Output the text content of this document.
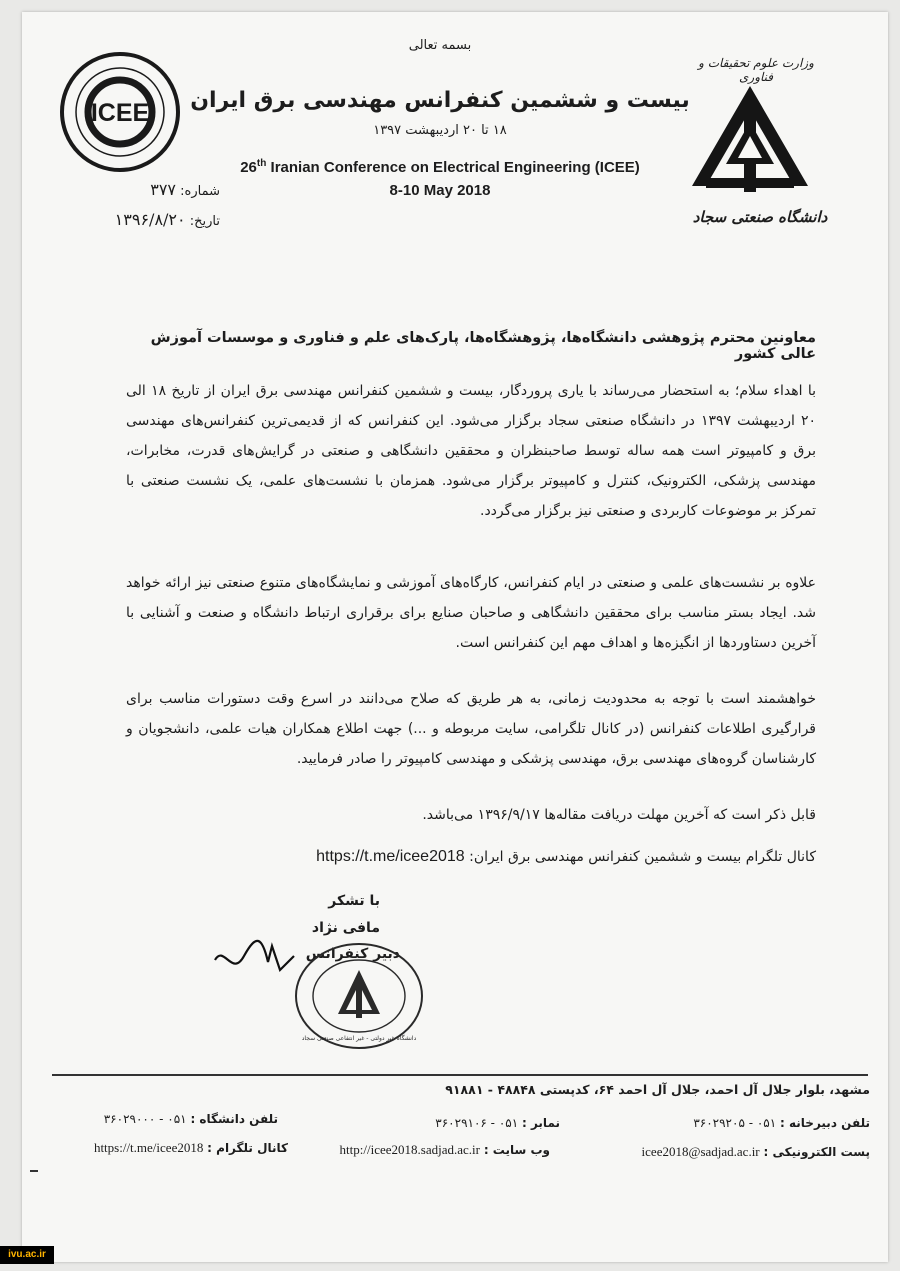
بسمه تعالی
بیست و ششمین کنفرانس مهندسی برق ایران
۱۸ تا ۲۰ اردیبهشت ۱۳۹۷
26th Iranian Conference on Electrical Engineering (ICEE)
8-10 May 2018
وزارت علوم تحقیقات و فناوری
دانشگاه صنعتی سجاد
ICEE
شماره: ۳۷۷
تاریخ: ۱۳۹۶/۸/۲۰
معاونین محترم پژوهشی دانشگاه‌ها، پژوهشگاه‌ها، پارک‌های علم و فناوری و موسسات آموزش عالی کشور
با اهداء سلام؛ به استحضار می‌رساند با یاری پروردگار، بیست و ششمین کنفرانس مهندسی برق ایران از تاریخ ۱۸ الی ۲۰ اردیبهشت ۱۳۹۷ در دانشگاه صنعتی سجاد برگزار می‌شود. این کنفرانس که از قدیمی‌ترین کنفرانس‌های مهندسی برق و کامپیوتر است همه ساله توسط صاحبنظران و محققین دانشگاهی و صنعتی در گرایش‌های قدرت، مخابرات، مهندسی پزشکی، الکترونیک، کنترل و کامپیوتر برگزار می‌شود. همزمان با نشست‌های علمی، یک نشست صنعتی با تمرکز بر موضوعات کاربردی و صنعتی نیز برگزار می‌گردد.
علاوه بر نشست‌های علمی و صنعتی در ایام کنفرانس، کارگاه‌های آموزشی و نمایشگاه‌های متنوع صنعتی نیز ارائه خواهد شد. ایجاد بستر مناسب برای محققین دانشگاهی و صاحبان صنایع برای برقراری ارتباط دانشگاه و صنعت و آشنایی با آخرین دستاوردها از انگیزه‌ها و اهداف مهم این کنفرانس است.
خواهشمند است با توجه به محدودیت زمانی، به هر طریق که صلاح می‌دانند در اسرع وقت دستورات مناسب برای قرارگیری اطلاعات کنفرانس (در کانال تلگرامی، سایت مربوطه و ...) جهت اطلاع همکاران هیات علمی، دانشجویان و کارشناسان گروه‌های مهندسی برق، مهندسی پزشکی و مهندسی کامپیوتر را صادر فرمایید.
قابل ذکر است که آخرین مهلت دریافت مقاله‌ها ۱۳۹۶/۹/۱۷ می‌باشد.
کانال تلگرام بیست و ششمین کنفرانس مهندسی برق ایران: https://t.me/icee2018
با تشکر
مافی نژاد
دبیر کنفرانس
دانشگاه غیر دولتی - غیر انتفاعی صنعتی سجاد
مشهد، بلوار جلال آل احمد، جلال آل احمد ۶۴، کدپستی ۴۸۸۴۸ - ۹۱۸۸۱
تلفن دبیرخانه : ۰۵۱ - ۳۶۰۲۹۲۰۵
نمابر : ۰۵۱ - ۳۶۰۲۹۱۰۶
تلفن دانشگاه : ۰۵۱ - ۳۶۰۲۹۰۰۰
پست الکترونیکی : icee2018@sadjad.ac.ir
وب سایت : http://icee2018.sadjad.ac.ir
کانال تلگرام : https://t.me/icee2018
ivu.ac.ir
